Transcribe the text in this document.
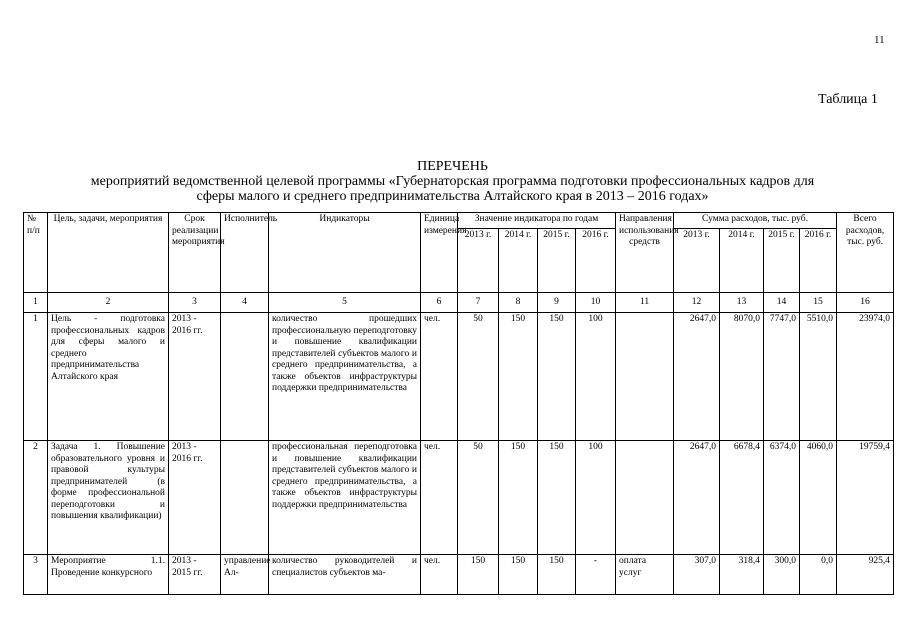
11
Таблица 1
ПЕРЕЧЕНЬ
мероприятий ведомственной целевой программы «Губернаторская программа подготовки профессиональных кадров для
сферы малого и среднего предпринимательства Алтайского края в 2013 – 2016 годах»
№ п/п	Цель, задачи, мероприятия	Срок реализации мероприятия	Исполнитель	Индикаторы	Единица измерения	Значение индикатора по годам				Направления использования средств	Сумма расходов, тыс. руб.				Всего расходов, тыс. руб.
						2013 г.	2014 г.	2015 г.	2016 г.		2013 г.	2014 г.	2015 г.	2016 г.	
1	2	3	4	5	6	7	8	9	10	11	12	13	14	15	16
1	Цель - подготовка профессиональных кадров для сферы малого и среднего предпринимательства Алтайского края	2013 - 2016 гг.		количество прошедших профессиональную переподготовку и повышение квалификации представителей субъектов малого и среднего предпринимательства, а также объектов инфраструктуры поддержки предпринимательства	чел.	50	150	150	100		2647,0	8070,0	7747,0	5510,0	23974,0
2	Задача 1. Повышение образовательного уровня и правовой культуры предпринимателей (в форме профессиональной переподготовки и повышения квалификации)	2013 - 2016 гг.		профессиональная переподготовка и повышение квалификации представителей субъектов малого и среднего предпринимательства, а также объектов инфраструктуры поддержки предпринимательства	чел.	50	150	150	100		2647,0	6678,4	6374,0	4060,0	19759,4
3	Мероприятие 1.1. Проведение конкурсного	2013 - 2015 гг.	управление Ал-	количество руководителей и специалистов субъектов ма-	чел.	150	150	150	-	оплата услуг	307,0	318,4	300,0	0,0	925,4
